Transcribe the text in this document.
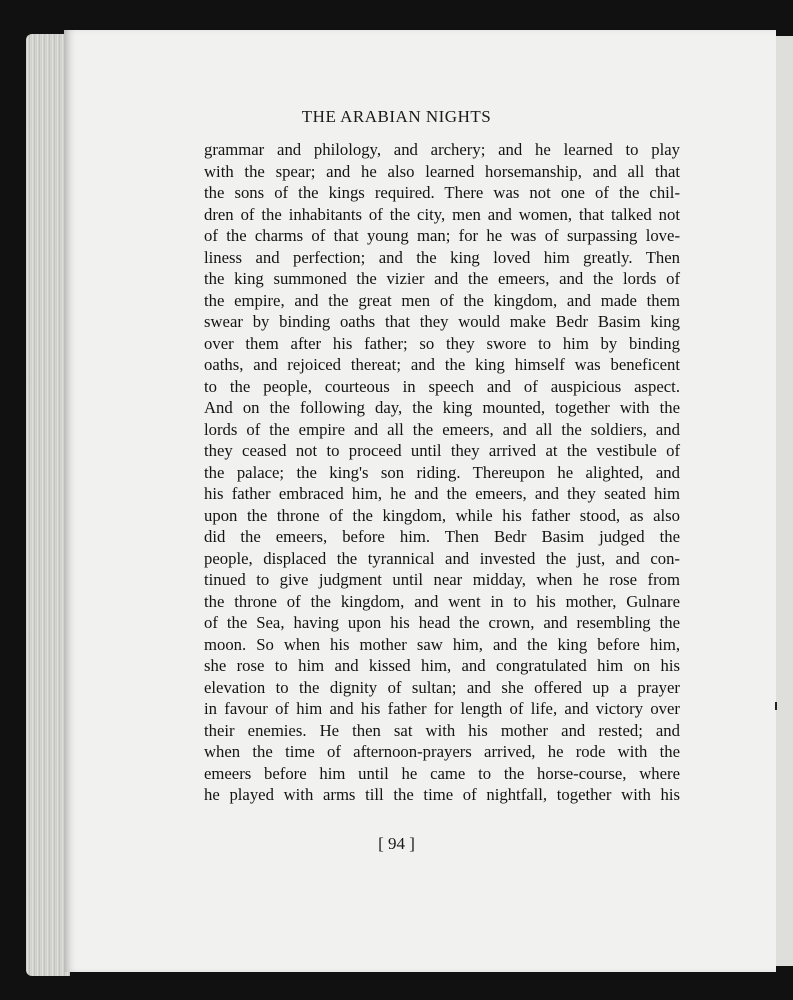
THE ARABIAN NIGHTS
grammar and philology, and archery; and he learned to play
with the spear; and he also learned horsemanship, and all that
the sons of the kings required. There was not one of the chil-
dren of the inhabitants of the city, men and women, that talked not
of the charms of that young man; for he was of surpassing love-
liness and perfection; and the king loved him greatly. Then
the king summoned the vizier and the emeers, and the lords of
the empire, and the great men of the kingdom, and made them
swear by binding oaths that they would make Bedr Basim king
over them after his father; so they swore to him by binding
oaths, and rejoiced thereat; and the king himself was beneficent
to the people, courteous in speech and of auspicious aspect.
And on the following day, the king mounted, together with the
lords of the empire and all the emeers, and all the soldiers, and
they ceased not to proceed until they arrived at the vestibule of
the palace; the king's son riding. Thereupon he alighted, and
his father embraced him, he and the emeers, and they seated him
upon the throne of the kingdom, while his father stood, as also
did the emeers, before him. Then Bedr Basim judged the
people, displaced the tyrannical and invested the just, and con-
tinued to give judgment until near midday, when he rose from
the throne of the kingdom, and went in to his mother, Gulnare
of the Sea, having upon his head the crown, and resembling the
moon. So when his mother saw him, and the king before him,
she rose to him and kissed him, and congratulated him on his
elevation to the dignity of sultan; and she offered up a prayer
in favour of him and his father for length of life, and victory over
their enemies. He then sat with his mother and rested; and
when the time of afternoon-prayers arrived, he rode with the
emeers before him until he came to the horse-course, where
he played with arms till the time of nightfall, together with his
[ 94 ]
